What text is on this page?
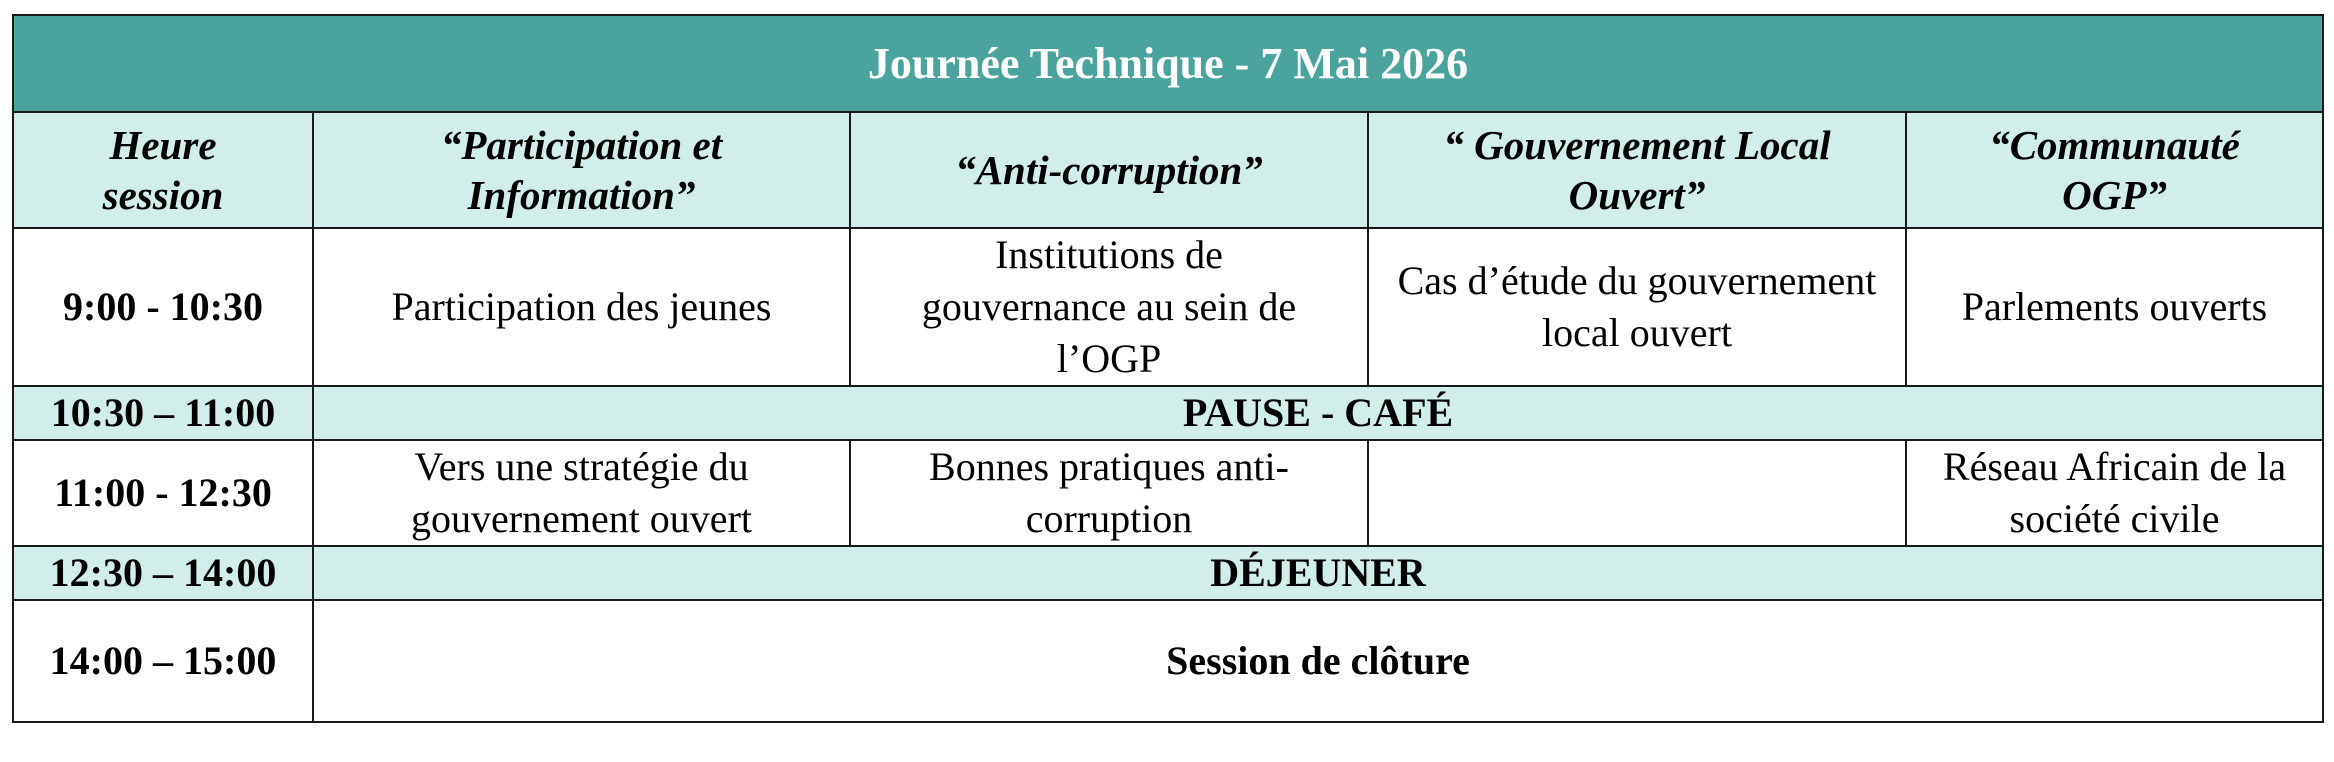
Journée Technique - 7 Mai 2026				
Heure session	“Participation et Information”	“Anti-corruption”	“ Gouvernement Local Ouvert”	“Communauté OGP”
9:00 - 10:30	Participation des jeunes	Institutions de gouvernance au sein de l’OGP	Cas d’étude du gouvernement local ouvert	Parlements ouverts
10:30 – 11:00	PAUSE - CAFÉ			
11:00 - 12:30	Vers une stratégie du gouvernement ouvert	Bonnes pratiques anti-corruption		Réseau Africain de la société civile
12:30 – 14:00	DÉJEUNER			
14:00 – 15:00	Session de clôture			
